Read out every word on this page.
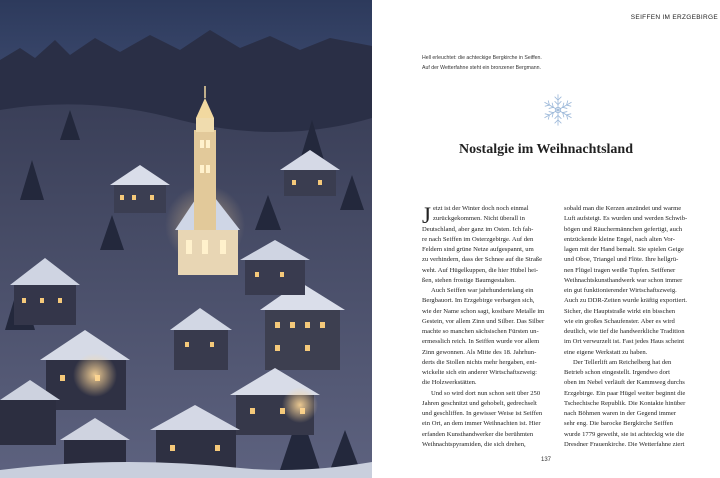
SEIFFEN IM ERZGEBIRGE
Hell erleuchtet: die achteckige Bergkirche in Seiffen.
Auf der Wetterfahne steht ein bronzener Bergmann.
Nostalgie im Weihnachtsland
J etzt ist der Winter doch noch einmal
zurückgekommen. Nicht überall in
Deutschland, aber ganz im Osten. Ich fah-
re nach Seiffen im Osterzgebirge. Auf den
Feldern sind grüne Netze aufgespannt, um
zu verhindern, dass der Schnee auf die Straße
weht. Auf Hügelkuppen, die hier Hübel hei-
ßen, stehen frostige Baumgestalten.
Auch Seiffen war jahrhundertelang ein
Bergbauort. Im Erzgebirge verbargen sich,
wie der Name schon sagt, kostbare Metalle im
Gestein, vor allem Zinn und Silber. Das Silber
machte so manchen sächsischen Fürsten un-
ermesslich reich. In Seiffen wurde vor allem
Zinn gewonnen. Als Mitte des 18. Jahrhun-
derts die Stollen nichts mehr hergaben, ent-
wickelte sich ein anderer Wirtschaftszweig:
die Holzwerkstätten.
Und so wird dort nun schon seit über 250
Jahren geschnitzt und gehobelt, gedrechselt
und geschliffen. In gewisser Weise ist Seiffen
ein Ort, an dem immer Weihnachten ist. Hier
erfanden Kunsthandwerker die berühmten
Weihnachtspyramiden, die sich drehen,
sobald man die Kerzen anzündet und warme
Luft aufsteigt. Es wurden und werden Schwib-
bögen und Räuchermännchen gefertigt, auch
entzückende kleine Engel, nach alten Vor-
lagen mit der Hand bemalt. Sie spielen Geige
und Oboe, Triangel und Flöte. Ihre hellgrü-
nen Flügel tragen weiße Tupfen. Seiffener
Weihnachtskunsthandwerk war schon immer
ein gut funktionierender Wirtschaftszweig.
Auch zu DDR-Zeiten wurde kräftig exportiert.
Sicher, die Hauptstraße wirkt ein bisschen
wie ein großes Schaufenster. Aber es wird
deutlich, wie tief die handwerkliche Tradition
im Ort verwurzelt ist. Fast jedes Haus scheint
eine eigene Werkstatt zu haben.
Der Tellerlift am Reichelberg hat den
Betrieb schon eingestellt. Irgendwo dort
oben im Nebel verläuft der Kammweg durchs
Erzgebirge. Ein paar Hügel weiter beginnt die
Tschechische Republik. Die Kontakte hinüber
nach Böhmen waren in der Gegend immer
sehr eng. Die barocke Bergkirche Seiffen
wurde 1779 geweiht, sie ist achteckig wie die
Dresdner Frauenkirche. Die Wetterfahne ziert
137
